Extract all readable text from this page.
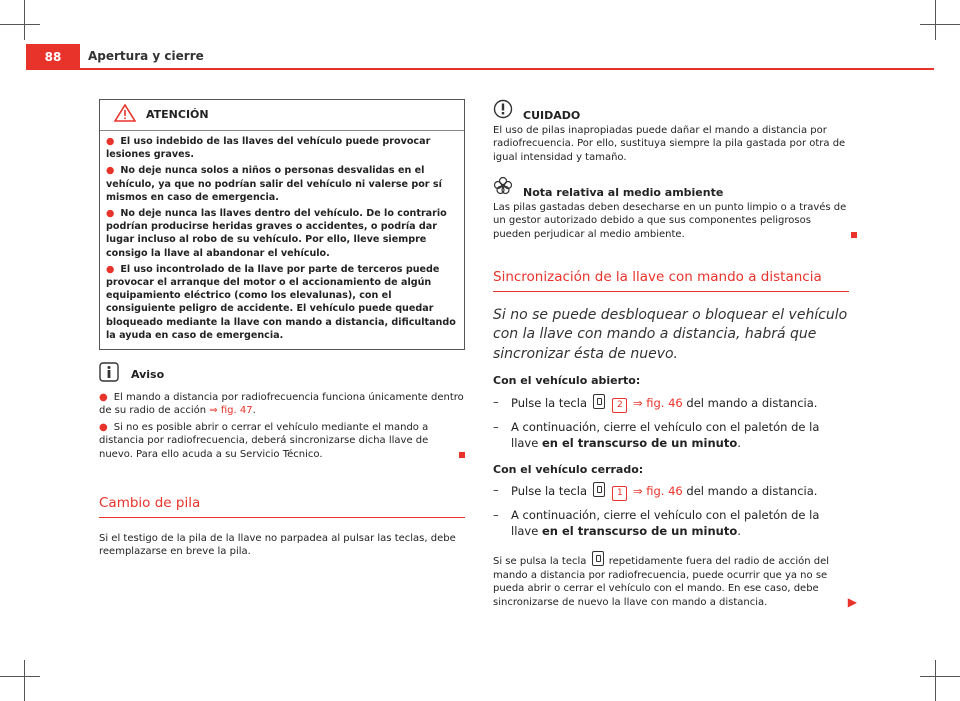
88	Apertura y cierre
ATENCIÓN

● El uso indebido de las llaves del vehículo puede provocar lesiones graves.

● No deje nunca solos a niños o personas desvalidas en el vehículo, ya que no podrían salir del vehículo ni valerse por sí mismos en caso de emergencia.

● No deje nunca las llaves dentro del vehículo. De lo contrario podrían producirse heridas graves o accidentes, o podría dar lugar incluso al robo de su vehículo. Por ello, lleve siempre consigo la llave al abandonar el vehículo.

● El uso incontrolado de la llave por parte de terceros puede provocar el arranque del motor o el accionamiento de algún equipamiento eléctrico (como los elevalunas), con el consiguiente peligro de accidente. El vehículo puede quedar bloqueado mediante la llave con mando a distancia, dificultando la ayuda en caso de emergencia.

Aviso

● El mando a distancia por radiofrecuencia funciona únicamente dentro de su radio de acción ⇒ fig. 47.

● Si no es posible abrir o cerrar el vehículo mediante el mando a distancia por radiofrecuencia, deberá sincronizarse dicha llave de nuevo. Para ello acuda a su Servicio Técnico.

Cambio de pila
Si el testigo de la pila de la llave no parpadea al pulsar las teclas, debe reemplazarse en breve la pila.
CUIDADO
El uso de pilas inapropiadas puede dañar el mando a distancia por radiofrecuencia. Por ello, sustituya siempre la pila gastada por otra de igual intensidad y tamaño.
Nota relativa al medio ambiente
Las pilas gastadas deben desecharse en un punto limpio o a través de un gestor autorizado debido a que sus componentes peligrosos pueden perjudicar al medio ambiente.
Sincronización de la llave con mando a distancia
Si no se puede desbloquear o bloquear el vehículo con la llave con mando a distancia, habrá que sincronizar ésta de nuevo.
Con el vehículo abierto:
–	Pulse la tecla	2 ⇒ fig. 46 del mando a distancia.
–	A continuación, cierre el vehículo con el paletón de la llave en el transcurso de un minuto.
Con el vehículo cerrado:
–	Pulse la tecla	1 ⇒ fig. 46 del mando a distancia.
–	A continuación, cierre el vehículo con el paletón de la llave en el transcurso de un minuto.
Si se pulsa la tecla repetidamente fuera del radio de acción del mando a distancia por radiofrecuencia, puede ocurrir que ya no se pueda abrir o cerrar el vehículo con el mando. En ese caso, debe sincronizarse de nuevo la llave con mando a distancia.	▶
